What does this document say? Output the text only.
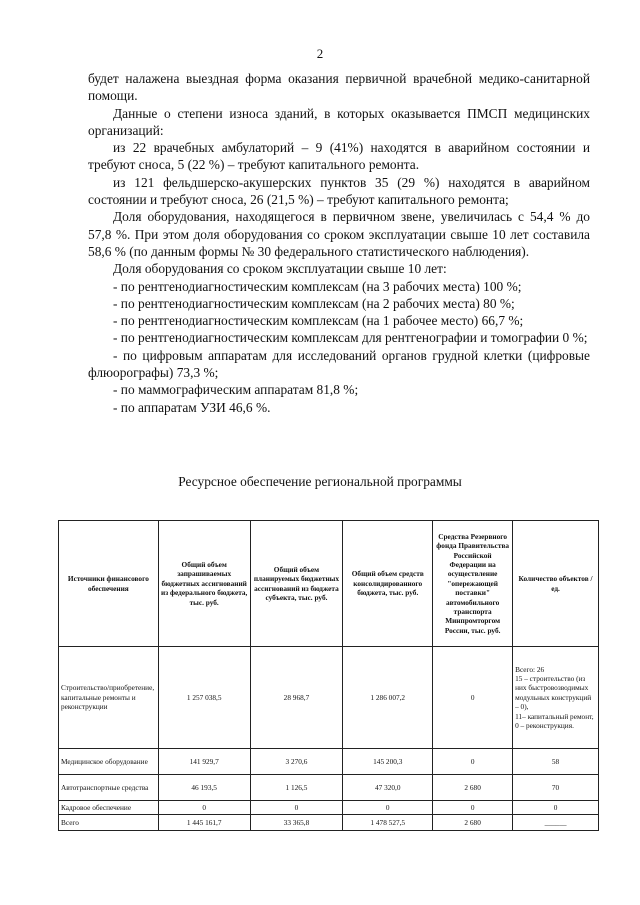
2

будет налажена выездная форма оказания первичной врачебной медико-санитарной помощи.

Данные о степени износа зданий, в которых оказывается ПМСП медицинских организаций:

из 22 врачебных амбулаторий – 9 (41%) находятся в аварийном состоянии и требуют сноса, 5 (22 %) – требуют капитального ремонта.

из 121 фельдшерско-акушерских пунктов 35 (29 %) находятся в аварийном состоянии и требуют сноса, 26 (21,5 %) – требуют капитального ремонта;

Доля оборудования, находящегося в первичном звене, увеличилась с 54,4 % до 57,8 %. При этом доля оборудования со сроком эксплуатации свыше 10 лет составила 58,6 % (по данным формы № 30 федерального статистического наблюдения).

Доля оборудования со сроком эксплуатации свыше 10 лет:

- по рентгенодиагностическим комплексам (на 3 рабочих места) 100 %;

- по рентгенодиагностическим комплексам (на 2 рабочих места) 80 %;

- по рентгенодиагностическим комплексам (на 1 рабочее место) 66,7 %;

- по рентгенодиагностическим комплексам для рентгенографии и томографии 0 %;

- по цифровым аппаратам для исследований органов грудной клетки (цифровые флюорографы) 73,3 %;

- по маммографическим аппаратам 81,8 %;

- по аппаратам УЗИ 46,6 %.

Ресурсное обеспечение региональной программы
Источники финансового обеспечения	Общий объем запрашиваемых бюджетных ассигнований из федерального бюджета, тыс. руб.	Общий объем планируемых бюджетных ассигнований из бюджета субъекта, тыс. руб.	Общий объем средств консолидированного бюджета, тыс. руб.	Средства Резервного фонда Правительства Российской Федерации на осуществление "опережающей поставки" автомобильного транспорта Минпромторгом России, тыс. руб.	Количество объектов / ед.
Строительство/приобретение, капитальные ремонты и реконструкции	1 257 038,5	28 968,7	1 286 007,2	0	Всего: 26
15 – строительство (из них быстровозводимых модульных конструкций – 0),
11– капитальный ремонт,
0 – реконструкция.
Медицинское оборудование	141 929,7	3 270,6	145 200,3	0	58
Автотранспортные средства	46 193,5	1 126,5	47 320,0	2 680	70
Кадровое обеспечение	0	0	0	0	0
Всего	1 445 161,7	33 365,8	1 478 527,5	2 680	______
